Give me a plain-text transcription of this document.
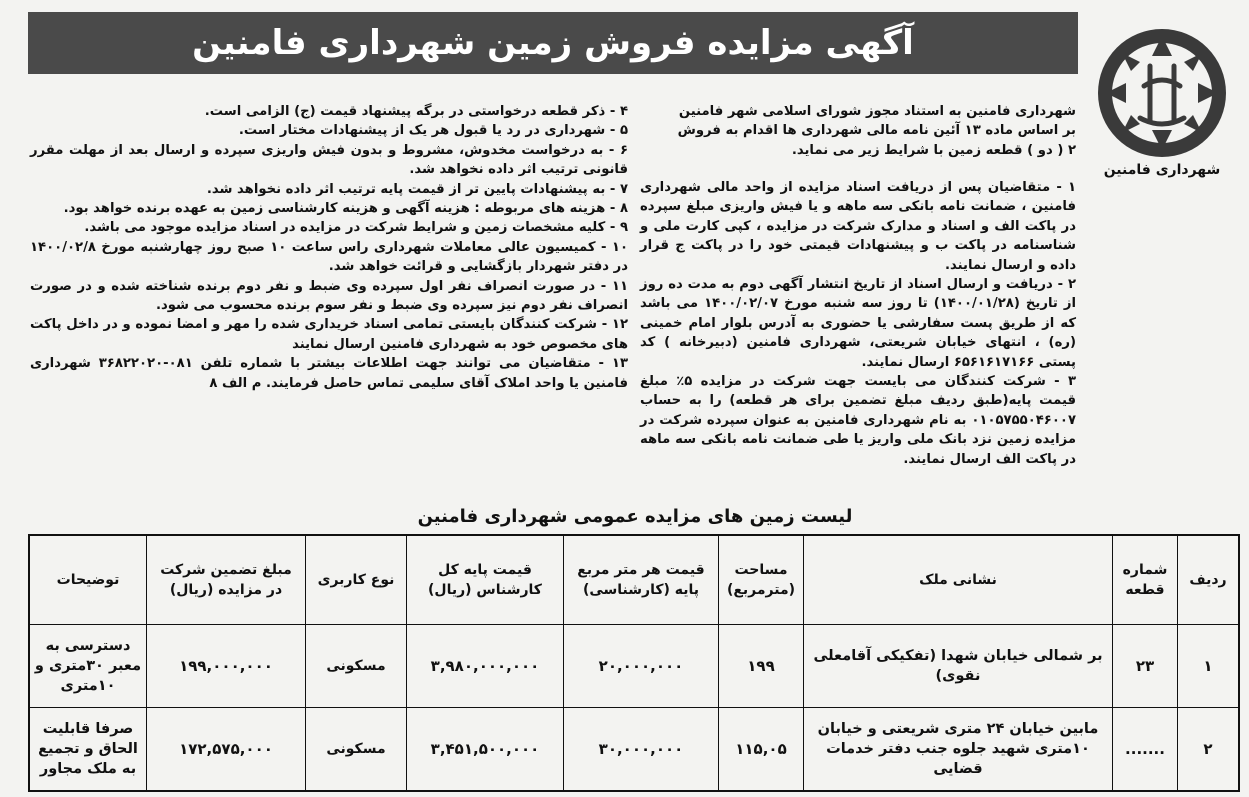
آگهی مزایده فروش زمین شهرداری فامنین
شهرداری فامنین

شهرداری فامنین به استناد مجوز شورای اسلامی شهر فامنین

بر اساس ماده ۱۳ آئین نامه مالی شهرداری ها اقدام به فروش

۲ ( دو ) قطعه زمین با شرایط زیر می نماید.

۱ - متقاضیان پس از دریافت اسناد مزایده از واحد مالی شهرداری فامنین ، ضمانت نامه بانکی سه ماهه و یا فیش واریزی مبلغ سپرده در پاکت الف و اسناد و مدارک شرکت در مزایده ، کپی کارت ملی و شناسنامه در پاکت ب و پیشنهادات قیمتی خود را در پاکت ج قرار داده و ارسال نمایند.

۲ - دریافت و ارسال اسناد از تاریخ انتشار آگهی دوم به مدت ده روز از تاریخ (۱۴۰۰/۰۱/۲۸) تا روز سه شنبه مورخ ۱۴۰۰/۰۲/۰۷ می باشد که از طریق پست سفارشی یا حضوری به آدرس بلوار امام خمینی (ره) ، انتهای خیابان شریعتی، شهرداری فامنین (دبیرخانه ) کد پستی ۶۵۶۱۶۱۷۱۶۶ ارسال نمایند.

۳ - شرکت کنندگان می بایست جهت شرکت در مزایده ۵٪ مبلغ قیمت پایه(طبق ردیف مبلغ تضمین برای هر قطعه) را به حساب ۰۱۰۵۷۵۵۰۴۶۰۰۷ به نام شهرداری فامنین به عنوان سپرده شرکت در مزایده زمین نزد بانک ملی واریز یا طی ضمانت نامه بانکی سه ماهه در پاکت الف ارسال نمایند.

۴ - ذکر قطعه درخواستی در برگه پیشنهاد قیمت (ج) الزامی است.

۵ - شهرداری در رد یا قبول هر یک از پیشنهادات مختار است.

۶ - به درخواست مخدوش، مشروط و بدون فیش واریزی سپرده و ارسال بعد از مهلت مقرر قانونی ترتیب اثر داده نخواهد شد.

۷ - به پیشنهادات پایین تر از قیمت پایه ترتیب اثر داده نخواهد شد.

۸ - هزینه های مربوطه : هزینه آگهی و هزینه کارشناسی زمین به عهده برنده خواهد بود.

۹ - کلیه مشخصات زمین و شرایط شرکت در مزایده در اسناد مزایده موجود می باشد.

۱۰ - کمیسیون عالی معاملات شهرداری راس ساعت ۱۰ صبح روز چهارشنبه مورخ ۱۴۰۰/۰۲/۸ در دفتر شهردار بازگشایی و قرائت خواهد شد.

۱۱ - در صورت انصراف نفر اول سپرده وی ضبط و نفر دوم برنده شناخته شده و در صورت انصراف نفر دوم نیز سپرده وی ضبط و نفر سوم برنده محسوب می شود.

۱۲ - شرکت کنندگان بایستی تمامی اسناد خریداری شده را مهر و امضا نموده و در داخل پاکت های مخصوص خود به شهرداری فامنین ارسال نمایند

۱۳ - متقاضیان می توانند جهت اطلاعات بیشتر با شماره تلفن ۰۸۱-۳۶۸۲۲۰۲۰ شهرداری فامنین یا واحد املاک آقای سلیمی تماس حاصل فرمایند. م الف ۸

لیست زمین های مزایده عمومی شهرداری فامنین
ردیف	شماره قطعه	نشانی ملک	مساحت (مترمربع)	قیمت هر متر مربع پایه (کارشناسی)	قیمت پایه کل کارشناس (ریال)	نوع کاربری	مبلغ تضمین شرکت در مزایده (ریال)	توضیحات
۱	۲۳	بر شمالی خیابان شهدا (تفکیکی آقامعلی نقوی)	۱۹۹	۲۰,۰۰۰,۰۰۰	۳,۹۸۰,۰۰۰,۰۰۰	مسکونی	۱۹۹,۰۰۰,۰۰۰	دسترسی به معبر ۳۰متری و ۱۰متری
۲	.......	مابین خیابان ۲۴ متری شریعتی و خیابان ۱۰متری شهید جلوه جنب دفتر خدمات قضایی	۱۱۵,۰۵	۳۰,۰۰۰,۰۰۰	۳,۴۵۱,۵۰۰,۰۰۰	مسکونی	۱۷۲,۵۷۵,۰۰۰	صرفا قابلیت الحاق و تجمیع به ملک مجاور
